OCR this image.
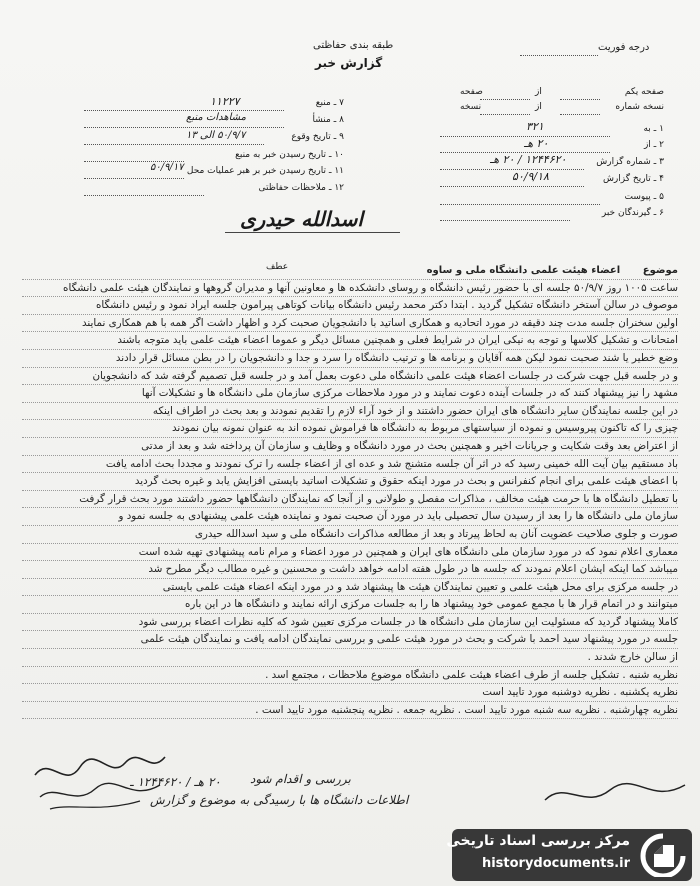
طبقه بندی حفاظتی
گزارش خبر
درجه فوریت
۷ ـ منبع
۱۱۲۲۷
۸ ـ منشأ
مشاهدات منبع
۹ ـ تاریخ وقوع
۵۰/۹/۷ الی ۱۳
۱۰ ـ تاریخ رسیدن خبر به منبع
۱۱ ـ تاریخ رسیدن خبر بر هبر عملیات محل
۵۰/۹/۱۷
۱۲ ـ ملاحظات حفاظتی
صفحه یکم
از
صفحه
نسخه شماره
از
نسخه
۱ ـ به
۳۲۱
۲ ـ از
۲۰ هـ
۳ ـ شماره گزارش
۱۲۴۴۶۲۰ / ۲۰ هـ
۴ ـ تاریخ گزارش
۵۰/۹/۱۸
۵ ـ پیوست
۶ ـ گیرندگان خبر
اسدالله حیدری
عطف	موضوع  اعضاء هیئت علمی دانشگاه ملی و ساوه
ساعت ۱۰۰۵ روز ۵۰/۹/۷ جلسه ای با حضور رئیس دانشگاه و روسای دانشکده ها و معاونین آنها و مدیران گروهها و نمایندگان هیئت علمی دانشگاه
موصوف در سالن آستخر دانشگاه تشکیل گردید . ابتدا دکتر محمد رئیس دانشگاه بیانات کوتاهی پیرامون جلسه ایراد نمود و رئیس دانشگاه
اولین سخنران جلسه مدت چند دقیقه در مورد اتحادیه و همکاری اساتید با دانشجویان صحبت کرد و اظهار داشت اگر همه با هم همکاری نمایند
امتحانات و تشکیل کلاسها و توجه به نیکی ایران در شرایط فعلی و همچنین مسائل دیگر و عموما اعضاء هیئت علمی باید متوجه باشند
وضع خطیر یا شند صحبت نمود لیکن همه آقایان و برنامه ها و ترتیب دانشگاه را سرد و جدا و دانشجویان را در بطن مسائل قرار دادند
و در جلسه قبل جهت شرکت در جلسات اعضاء هیئت علمی دانشگاه ملی دعوت بعمل آمد و در جلسه قبل تصمیم گرفته شد که دانشجویان
مشهد را نیز پیشنهاد کنند که در جلسات آینده دعوت نمایند و در مورد ملاحظات مرکزی سازمان ملی دانشگاه ها و تشکیلات آنها
در این جلسه نمایندگان سایر دانشگاه های ایران حضور داشتند و از خود آراء لازم را تقدیم نمودند و بعد بحث در اطراف اینکه
چیزی را که تاکنون پیروسیس و نموده از سیاستهای مربوط به دانشگاه ها فراموش نموده اند به عنوان نمونه بیان نمودند
از اعتراض بعد وقت شکایت و جریانات اخیر و همچنین بحث در مورد دانشگاه و وظایف و سازمان آن پرداخته شد و بعد از مدتی
باد مستقیم بیان آیت الله خمینی رسید که در اثر آن جلسه متشنج شد و عده ای از اعضاء جلسه را ترک نمودند و مجددا بحث ادامه یافت
با اعضای هیئت علمی برای انجام کنفرانس و بحث در مورد اینکه حقوق و تشکیلات اساتید بایستی افزایش یابد و غیره بحث گردید
با تعطیل دانشگاه ها با حرمت هیئت مخالف ، مذاکرات مفصل و طولانی و از آنجا که نمایندگان دانشگاهها حضور داشتند مورد بحث قرار گرفت
سازمان ملی دانشگاه ها را بعد از رسیدن سال تحصیلی باید در مورد آن صحبت نمود و نماینده هیئت علمی پیشنهادی به جلسه نمود و
صورت و جلوی صلاحیت عضویت آنان به لحاظ پیرتاد و بعد از مطالعه مذاکرات دانشگاه ملی و سید اسدالله حیدری
معماری اعلام نمود که در مورد سازمان ملی دانشگاه های ایران و همچنین در مورد اعضاء و مرام نامه پیشنهادی تهیه شده است
میباشد کما اینکه ایشان اعلام نمودند که جلسه ها در طول هفته ادامه خواهد داشت و محسنین و غیره مطالب دیگر مطرح شد
در جلسه مرکزی برای محل هیئت علمی و تعیین نمایندگان هیئت ها پیشنهاد شد و در مورد اینکه اعضاء هیئت علمی بایستی
میتوانند و در اتمام قرار ها با مجمع عمومی خود پیشنهاد ها را به جلسات مرکزی ارائه نمایند و دانشگاه ها در این باره
کاملا پیشنهاد گردید که مسئولیت این سازمان ملی دانشگاه ها در جلسات مرکزی تعیین شود که کلیه نظرات اعضاء بررسی شود
جلسه در مورد پیشنهاد سید احمد با شرکت و بحث در مورد هیئت علمی و بررسی نمایندگان ادامه یافت و نمایندگان هیئت علمی
از سالن خارج شدند .
نظریه شنبه . تشکیل جلسه از طرف اعضاء هیئت علمی دانشگاه موضوع ملاحظات ، مجتمع اسد .
نظریه یکشنبه . نظریه دوشنبه مورد تایید است
نظریه چهارشنبه . نظریه سه شنبه مورد تایید است . نظریه جمعه . نظریه پنجشنبه مورد تایید است .
۲۰ هـ / ۱۲۴۴۶۲۰ ـ بررسی و اقدام شود
اطلاعات دانشگاه ها با رسیدگی به موضوع و گزارش
مرکز بررسی اسناد تاریخی
historydocuments.ir
